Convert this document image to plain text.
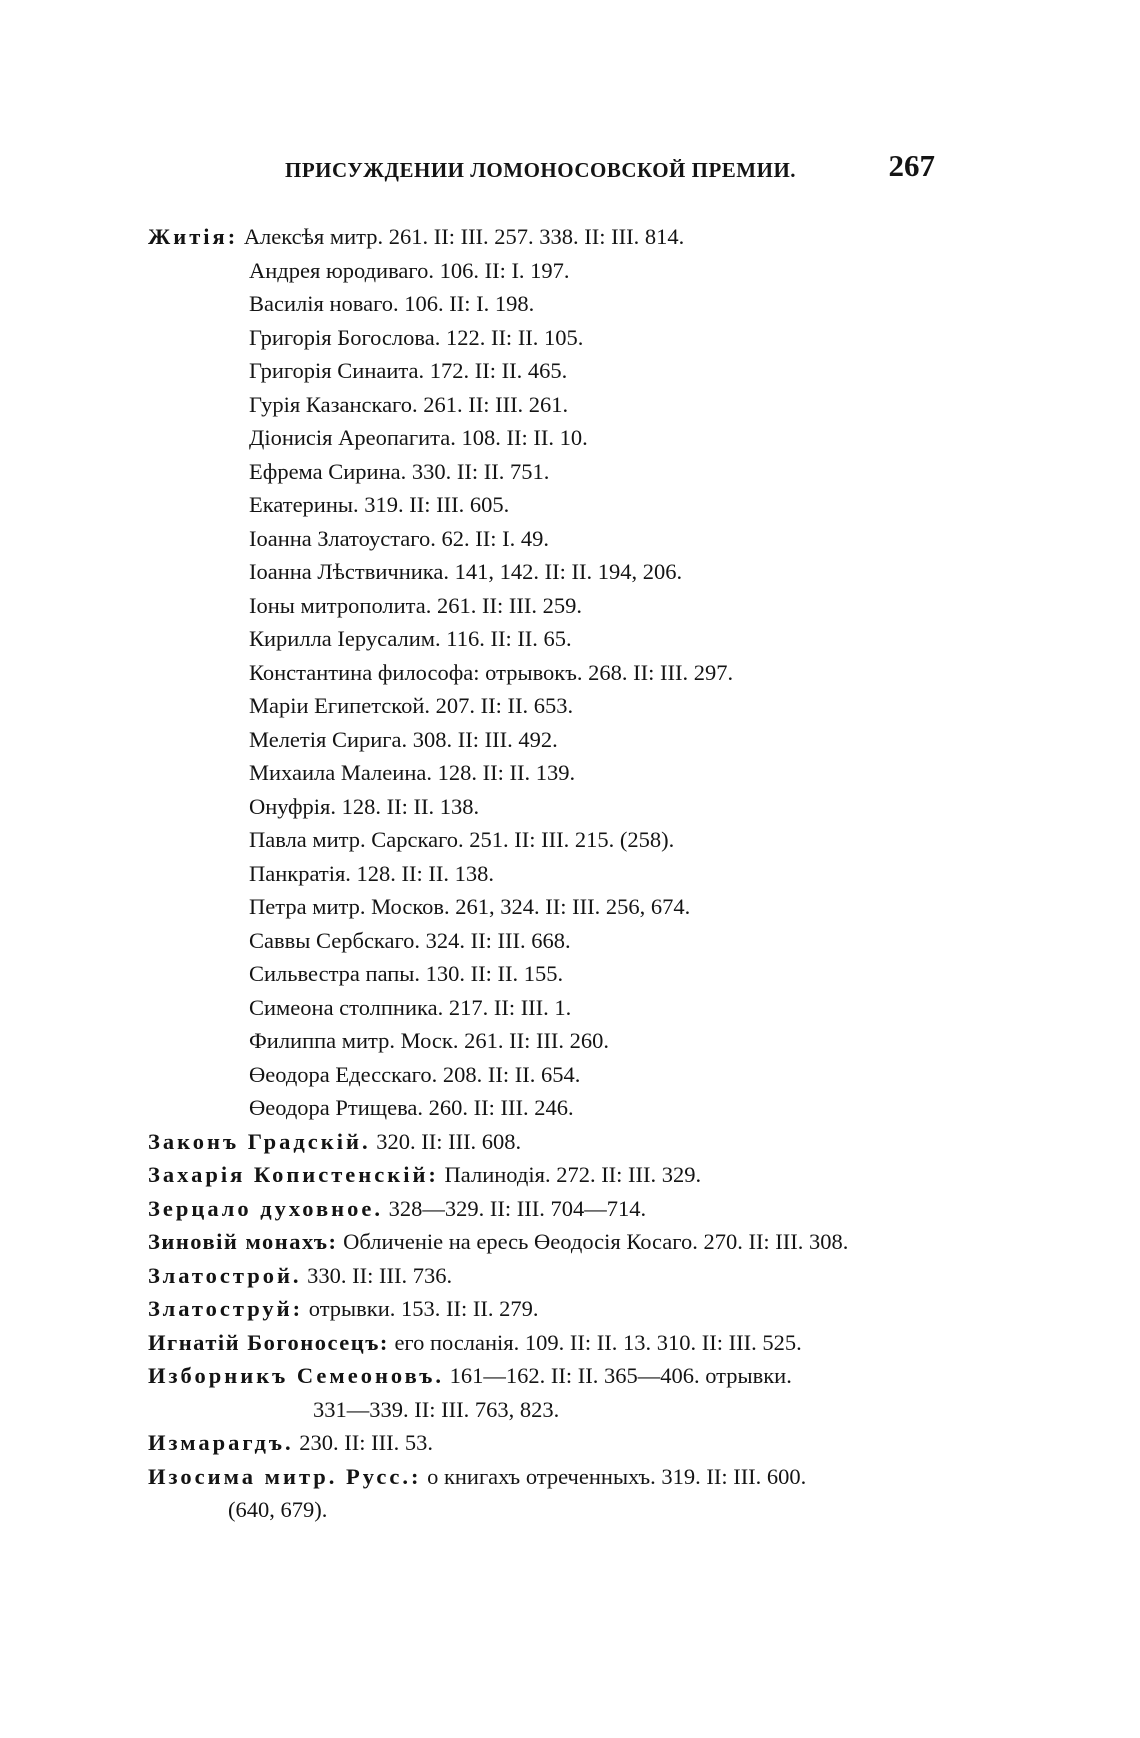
ПРИСУЖДЕНИИ ЛОМОНОСОВСКОЙ ПРЕМИИ.	267
Житія: Алексѣя митр. 261. II: III. 257. 338. II: III. 814.
Андрея юродиваго. 106. II: I. 197.
Василія новаго. 106. II: I. 198.
Григорія Богослова. 122. II: II. 105.
Григорія Синаита. 172. II: II. 465.
Гурія Казанскаго. 261. II: III. 261.
Діонисія Ареопагита. 108. II: II. 10.
Ефрема Сирина. 330. II: II. 751.
Екатерины. 319. II: III. 605.
Іоанна Златоустаго. 62. II: I. 49.
Іоанна Лѣствичника. 141, 142. II: II. 194, 206.
Іоны митрополита. 261. II: III. 259.
Кирилла Іерусалим. 116. II: II. 65.
Константина философа: отрывокъ. 268. II: III. 297.
Маріи Египетской. 207. II: II. 653.
Мелетія Сирига. 308. II: III. 492.
Михаила Малеина. 128. II: II. 139.
Онуфрія. 128. II: II. 138.
Павла митр. Сарскаго. 251. II: III. 215. (258).
Панкратія. 128. II: II. 138.
Петра митр. Москов. 261, 324. II: III. 256, 674.
Саввы Сербскаго. 324. II: III. 668.
Сильвестра папы. 130. II: II. 155.
Симеона столпника. 217. II: III. 1.
Филиппа митр. Моск. 261. II: III. 260.
Өеодора Едесскаго. 208. II: II. 654.
Өеодора Ртищева. 260. II: III. 246.
Законъ Градскій. 320. II: III. 608.
Захарія Копистенскій: Палинодія. 272. II: III. 329.
Зерцало духовное. 328—329. II: III. 704—714.
Зиновій монахъ: Обличеніе на ересь Өеодосія Косаго. 270. II: III. 308.
Златострой. 330. II: III. 736.
Златоструй: отрывки. 153. II: II. 279.
Игнатій Богоносецъ: его посланія. 109. II: II. 13. 310. II: III. 525.
Изборникъ Семеоновъ. 161—162. II: II. 365—406. отрывки.
331—339. II: III. 763, 823.
Измарагдъ. 230. II: III. 53.
Изосима митр. Русс.: о книгахъ отреченныхъ. 319. II: III. 600.
(640, 679).
